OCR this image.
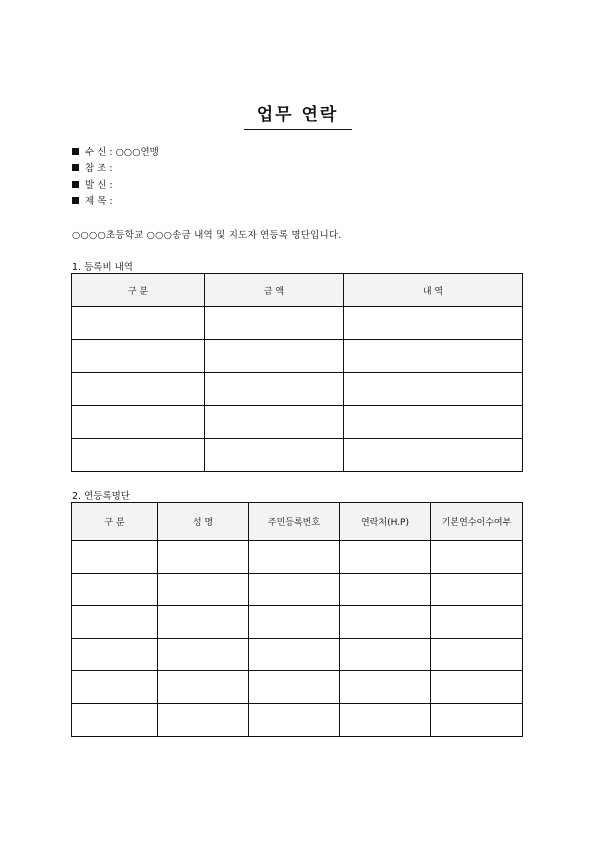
업무 연락
수 신 : ○○○연맹
참 조 :
발 신 :
제 목 :
○○○○초등학교 ○○○송금 내역 및 지도자 연등록 명단입니다.
1. 등록비 내역
구 분	금 액	내 역

2. 연등록명단
구 분	성 명	주민등록번호	연락처(H.P)	기본연수이수여부
